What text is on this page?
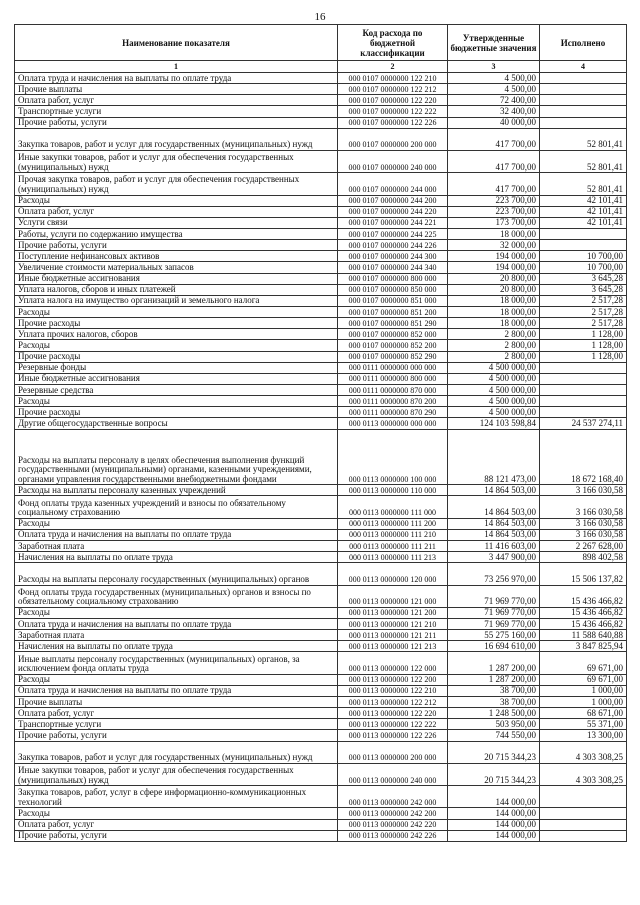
16
Наименование показателя	Код расхода по бюджетной классификации	Утвержденные бюджетные значения	Исполнено
1	2	3	4
Оплата труда и начисления на выплаты по оплате труда	000 0107 0000000 122 210	4 500,00	
Прочие выплаты	000 0107 0000000 122 212	4 500,00	
Оплата работ, услуг	000 0107 0000000 122 220	72 400,00	
Транспортные услуги	000 0107 0000000 122 222	32 400,00	
Прочие работы, услуги	000 0107 0000000 122 226	40 000,00	
Закупка товаров, работ и услуг для государственных (муниципальных) нужд	000 0107 0000000 200 000	417 700,00	52 801,41
Иные закупки товаров, работ и услуг для обеспечения государственных (муниципальных) нужд	000 0107 0000000 240 000	417 700,00	52 801,41
Прочая закупка товаров, работ и услуг для обеспечения государственных (муниципальных) нужд	000 0107 0000000 244 000	417 700,00	52 801,41
Расходы	000 0107 0000000 244 200	223 700,00	42 101,41
Оплата работ, услуг	000 0107 0000000 244 220	223 700,00	42 101,41
Услуги связи	000 0107 0000000 244 221	173 700,00	42 101,41
Работы, услуги по содержанию имущества	000 0107 0000000 244 225	18 000,00	
Прочие работы, услуги	000 0107 0000000 244 226	32 000,00	
Поступление нефинансовых активов	000 0107 0000000 244 300	194 000,00	10 700,00
Увеличение стоимости материальных запасов	000 0107 0000000 244 340	194 000,00	10 700,00
Иные бюджетные ассигнования	000 0107 0000000 800 000	20 800,00	3 645,28
Уплата налогов, сборов и иных платежей	000 0107 0000000 850 000	20 800,00	3 645,28
Уплата налога на имущество организаций и земельного налога	000 0107 0000000 851 000	18 000,00	2 517,28
Расходы	000 0107 0000000 851 200	18 000,00	2 517,28
Прочие расходы	000 0107 0000000 851 290	18 000,00	2 517,28
Уплата прочих налогов, сборов	000 0107 0000000 852 000	2 800,00	1 128,00
Расходы	000 0107 0000000 852 200	2 800,00	1 128,00
Прочие расходы	000 0107 0000000 852 290	2 800,00	1 128,00
Резервные фонды	000 0111 0000000 000 000	4 500 000,00	
Иные бюджетные ассигнования	000 0111 0000000 800 000	4 500 000,00	
Резервные средства	000 0111 0000000 870 000	4 500 000,00	
Расходы	000 0111 0000000 870 200	4 500 000,00	
Прочие расходы	000 0111 0000000 870 290	4 500 000,00	
Другие общегосударственные вопросы	000 0113 0000000 000 000	124 103 598,84	24 537 274,11
Расходы на выплаты персоналу в целях обеспечения выполнения функций государственными (муниципальными) органами, казенными учреждениями, органами управления государственными внебюджетными фондами	000 0113 0000000 100 000	88 121 473,00	18 672 168,40
Расходы на выплаты персоналу казенных учреждений	000 0113 0000000 110 000	14 864 503,00	3 166 030,58
Фонд оплаты труда казенных учреждений и взносы по обязательному социальному страхованию	000 0113 0000000 111 000	14 864 503,00	3 166 030,58
Расходы	000 0113 0000000 111 200	14 864 503,00	3 166 030,58
Оплата труда и начисления на выплаты по оплате труда	000 0113 0000000 111 210	14 864 503,00	3 166 030,58
Заработная плата	000 0113 0000000 111 211	11 416 603,00	2 267 628,00
Начисления на выплаты по оплате труда	000 0113 0000000 111 213	3 447 900,00	898 402,58
Расходы на выплаты персоналу государственных (муниципальных) органов	000 0113 0000000 120 000	73 256 970,00	15 506 137,82
Фонд оплаты труда государственных (муниципальных) органов и взносы по обязательному социальному страхованию	000 0113 0000000 121 000	71 969 770,00	15 436 466,82
Расходы	000 0113 0000000 121 200	71 969 770,00	15 436 466,82
Оплата труда и начисления на выплаты по оплате труда	000 0113 0000000 121 210	71 969 770,00	15 436 466,82
Заработная плата	000 0113 0000000 121 211	55 275 160,00	11 588 640,88
Начисления на выплаты по оплате труда	000 0113 0000000 121 213	16 694 610,00	3 847 825,94
Иные выплаты персоналу государственных (муниципальных) органов, за исключением фонда оплаты труда	000 0113 0000000 122 000	1 287 200,00	69 671,00
Расходы	000 0113 0000000 122 200	1 287 200,00	69 671,00
Оплата труда и начисления на выплаты по оплате труда	000 0113 0000000 122 210	38 700,00	1 000,00
Прочие выплаты	000 0113 0000000 122 212	38 700,00	1 000,00
Оплата работ, услуг	000 0113 0000000 122 220	1 248 500,00	68 671,00
Транспортные услуги	000 0113 0000000 122 222	503 950,00	55 371,00
Прочие работы, услуги	000 0113 0000000 122 226	744 550,00	13 300,00
Закупка товаров, работ и услуг для государственных (муниципальных) нужд	000 0113 0000000 200 000	20 715 344,23	4 303 308,25
Иные закупки товаров, работ и услуг для обеспечения государственных (муниципальных) нужд	000 0113 0000000 240 000	20 715 344,23	4 303 308,25
Закупка товаров, работ, услуг в сфере информационно-коммуникационных технологий	000 0113 0000000 242 000	144 000,00	
Расходы	000 0113 0000000 242 200	144 000,00	
Оплата работ, услуг	000 0113 0000000 242 220	144 000,00	
Прочие работы, услуги	000 0113 0000000 242 226	144 000,00	
